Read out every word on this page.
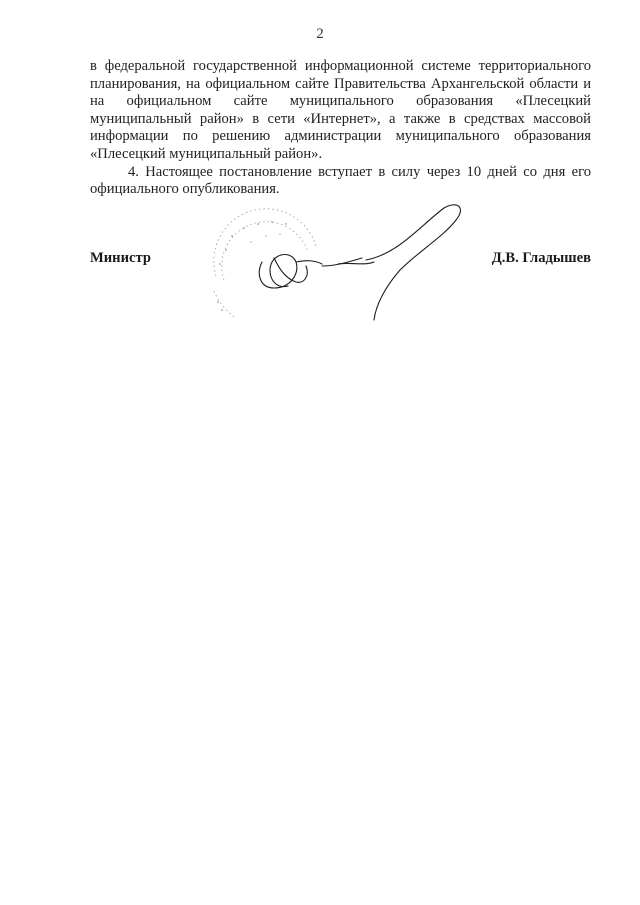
2

в федеральной государственной информационной системе территориального планирования, на официальном сайте Правительства Архангельской области и на официальном сайте муниципального образования «Плесецкий муниципальный район» в сети «Интернет», а также в средствах массовой информации по решению администрации муниципального образования «Плесецкий муниципальный район».

4. Настоящее постановление вступает в силу через 10 дней со дня его официального опубликования.

Министр	Д.В. Гладышев
